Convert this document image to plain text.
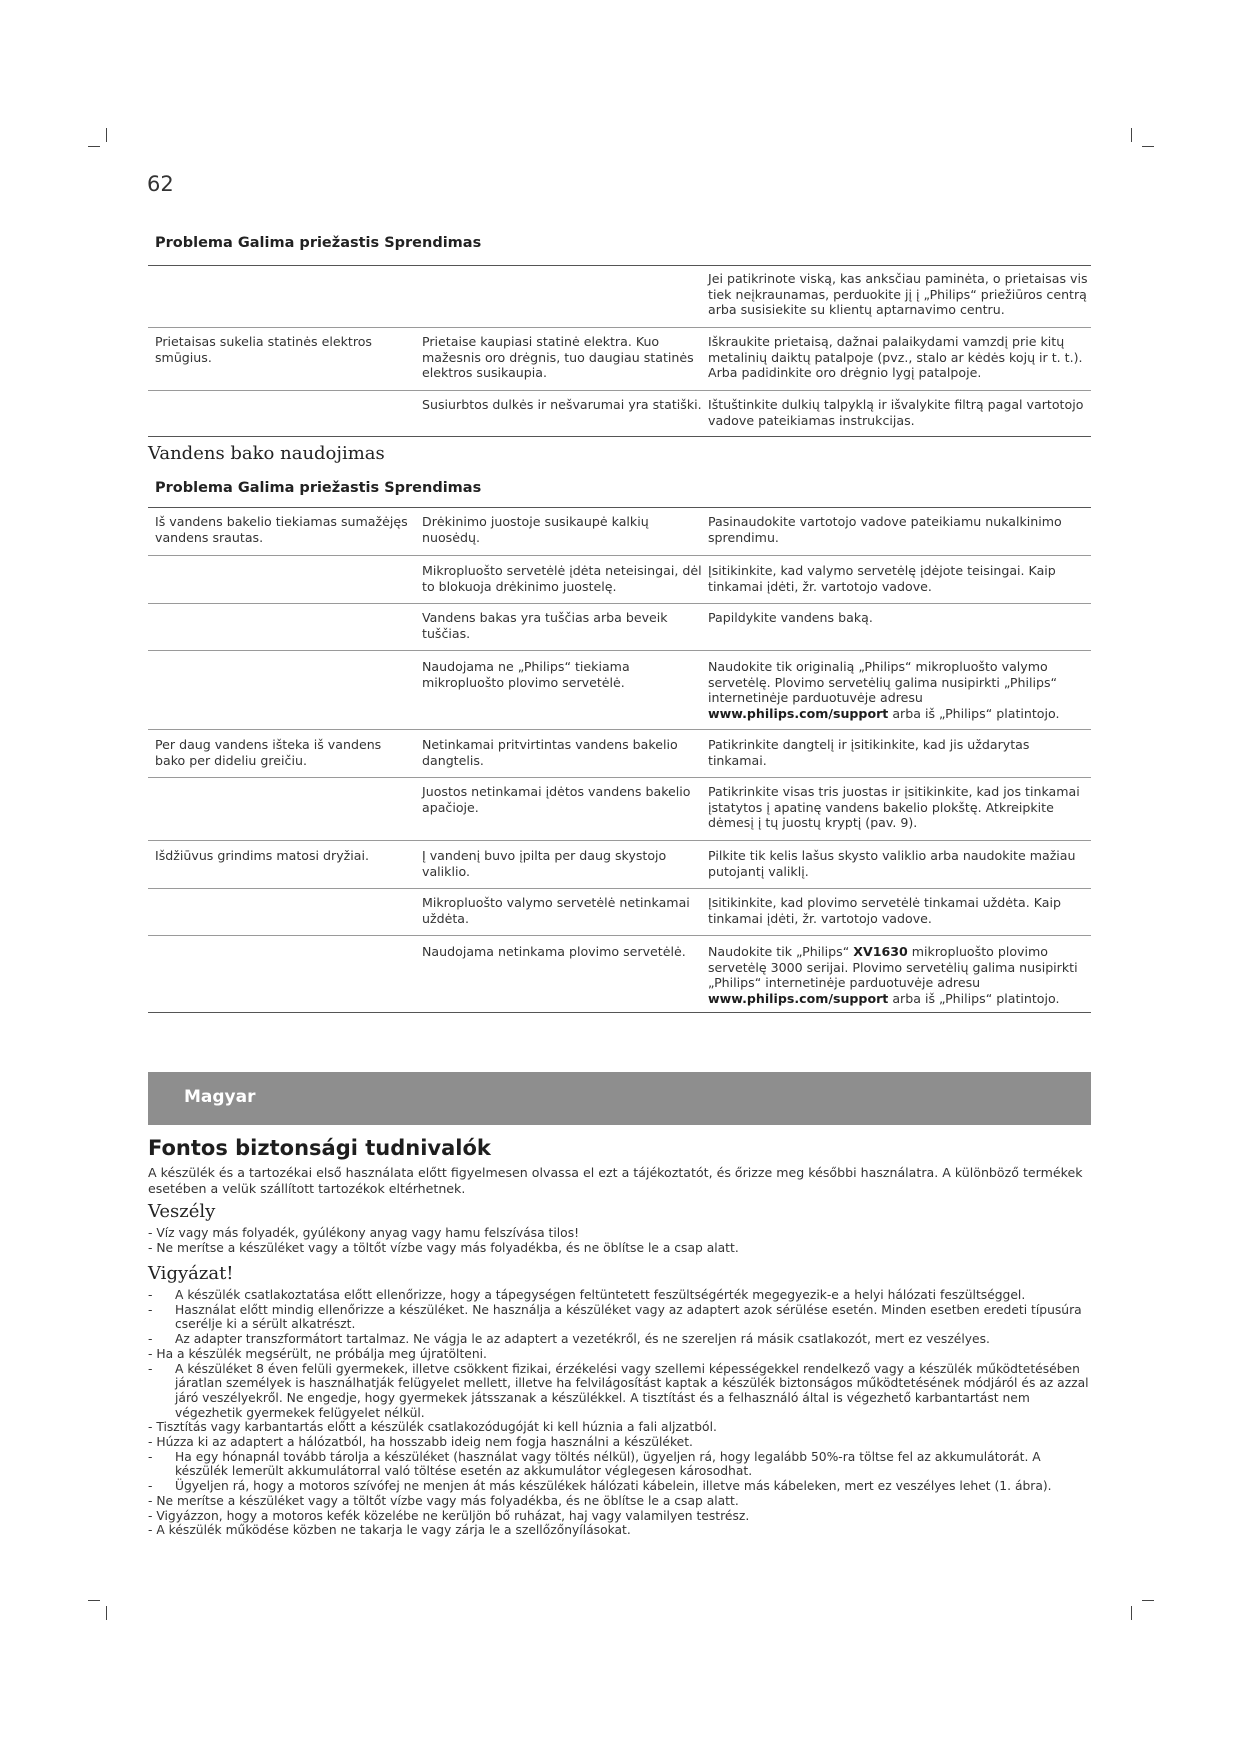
62
Problema Galima priežastis Sprendimas
Jei patikrinote viską, kas anksčiau paminėta, o prietaisas vis tiek neįkraunamas, perduokite jį į „Philips“ priežiūros centrą arba susisiekite su klientų aptarnavimo centru.
Prietaisas sukelia statinės elektros smūgius.
Prietaise kaupiasi statinė elektra. Kuo mažesnis oro drėgnis, tuo daugiau statinės elektros susikaupia.
Iškraukite prietaisą, dažnai palaikydami vamzdį prie kitų metalinių daiktų patalpoje (pvz., stalo ar kėdės kojų ir t. t.). Arba padidinkite oro drėgnio lygį patalpoje.
Susiurbtos dulkės ir nešvarumai yra statiški. Ištuštinkite dulkių talpyklą ir išvalykite filtrą pagal vartotojo vadove pateikiamas instrukcijas.
Vandens bako naudojimas
Problema Galima priežastis Sprendimas
Iš vandens bakelio tiekiamas sumažėjęs vandens srautas.
Drėkinimo juostoje susikaupė kalkių nuosėdų.
Pasinaudokite vartotojo vadove pateikiamu nukalkinimo sprendimu.
Mikropluošto servetėlė įdėta neteisingai, dėl to blokuoja drėkinimo juostelę.
Įsitikinkite, kad valymo servetėlę įdėjote teisingai. Kaip tinkamai įdėti, žr. vartotojo vadove.
Vandens bakas yra tuščias arba beveik tuščias.
Papildykite vandens baką.
Naudojama ne „Philips“ tiekiama mikropluošto plovimo servetėlė.
Naudokite tik originalią „Philips“ mikropluošto valymo servetėlę. Plovimo servetėlių galima nusipirkti „Philips“ internetinėje parduotuvėje adresu www.philips.com/support arba iš „Philips“ platintojo.
Per daug vandens išteka iš vandens bako per dideliu greičiu.
Netinkamai pritvirtintas vandens bakelio dangtelis.
Patikrinkite dangtelį ir įsitikinkite, kad jis uždarytas tinkamai.
Juostos netinkamai įdėtos vandens bakelio apačioje.
Patikrinkite visas tris juostas ir įsitikinkite, kad jos tinkamai įstatytos į apatinę vandens bakelio plokštę. Atkreipkite dėmesį į tų juostų kryptį (pav. 9).
Išdžiūvus grindims matosi dryžiai.	Į vandenį buvo įpilta per daug skystojo valiklio.
Pilkite tik kelis lašus skysto valiklio arba naudokite mažiau putojantį valiklį.
Mikropluošto valymo servetėlė netinkamai uždėta.
Įsitikinkite, kad plovimo servetėlė tinkamai uždėta. Kaip tinkamai įdėti, žr. vartotojo vadove.
Naudojama netinkama plovimo servetėlė.	Naudokite tik „Philips“ XV1630 mikropluošto plovimo servetėlę 3000 serijai. Plovimo servetėlių galima nusipirkti „Philips“ internetinėje parduotuvėje adresu www.philips.com/support arba iš „Philips“ platintojo.
Magyar
Fontos biztonsági tudnivalók
A készülék és a tartozékai első használata előtt figyelmesen olvassa el ezt a tájékoztatót, és őrizze meg későbbi használatra. A különböző termékek esetében a velük szállított tartozékok eltérhetnek.
Veszély
- Víz vagy más folyadék, gyúlékony anyag vagy hamu felszívása tilos!
- Ne merítse a készüléket vagy a töltőt vízbe vagy más folyadékba, és ne öblítse le a csap alatt.
Vigyázat!
- A készülék csatlakoztatása előtt ellenőrizze, hogy a tápegységen feltüntetett feszültségérték megegyezik-e a helyi hálózati feszültséggel.
- Használat előtt mindig ellenőrizze a készüléket. Ne használja a készüléket vagy az adaptert azok sérülése esetén. Minden esetben eredeti típusúra cserélje ki a sérült alkatrészt.
- Az adapter transzformátort tartalmaz. Ne vágja le az adaptert a vezetékről, és ne szereljen rá másik csatlakozót, mert ez veszélyes.
- Ha a készülék megsérült, ne próbálja meg újratölteni.
- A készüléket 8 éven felüli gyermekek, illetve csökkent fizikai, érzékelési vagy szellemi képességekkel rendelkező vagy a készülék működtetésében járatlan személyek is használhatják felügyelet mellett, illetve ha felvilágosítást kaptak a készülék biztonságos működtetésének módjáról és az azzal járó veszélyekről. Ne engedje, hogy gyermekek játsszanak a készülékkel. A tisztítást és a felhasználó által is végezhető karbantartást nem végezhetik gyermekek felügyelet nélkül.
- Tisztítás vagy karbantartás előtt a készülék csatlakozódugóját ki kell húznia a fali aljzatból.
- Húzza ki az adaptert a hálózatból, ha hosszabb ideig nem fogja használni a készüléket.
- Ha egy hónapnál tovább tárolja a készüléket (használat vagy töltés nélkül), ügyeljen rá, hogy legalább 50%-ra töltse fel az akkumulátorát. A készülék lemerült akkumulátorral való töltése esetén az akkumulátor véglegesen károsodhat.
- Ügyeljen rá, hogy a motoros szívófej ne menjen át más készülékek hálózati kábelein, illetve más kábeleken, mert ez veszélyes lehet (1. ábra).
- Ne merítse a készüléket vagy a töltőt vízbe vagy más folyadékba, és ne öblítse le a csap alatt.
- Vigyázzon, hogy a motoros kefék közelébe ne kerüljön bő ruházat, haj vagy valamilyen testrész.
- A készülék működése közben ne takarja le vagy zárja le a szellőzőnyílásokat.
